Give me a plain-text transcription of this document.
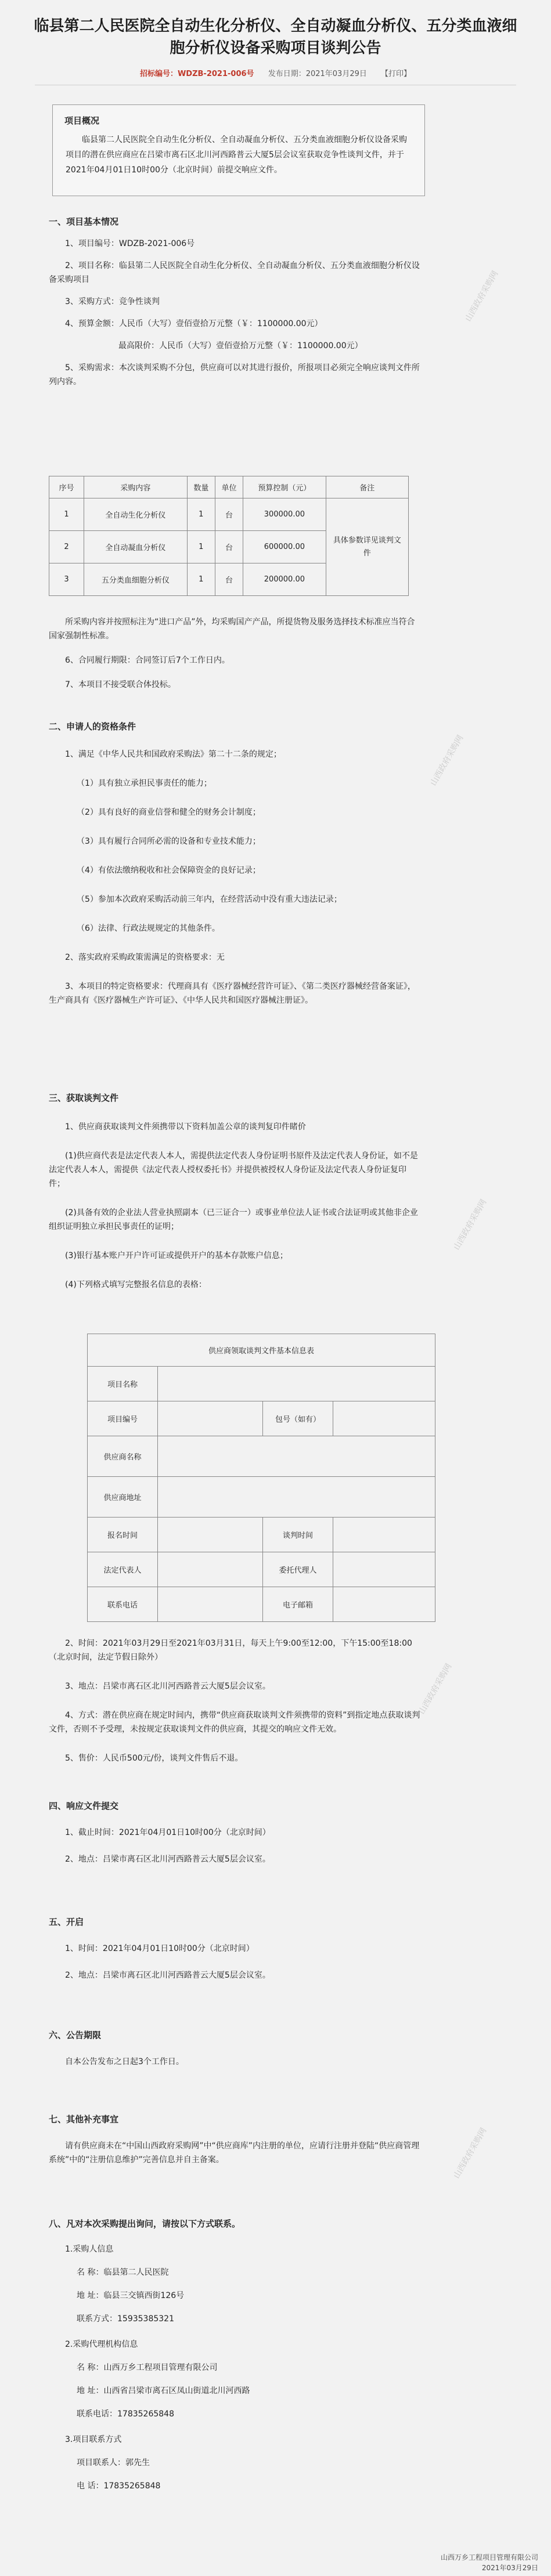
临县第二人民医院全自动生化分析仪、全自动凝血分析仪、五分类血液细
胞分析仪设备采购项目谈判公告
招标编号：WDZB-2021-006号 发布日期：2021年03月29日 【打印】
项目概况
临县第二人民医院全自动生化分析仪、全自动凝血分析仪、五分类血液细胞分析仪设备采购项目的潜在供应商应在吕梁市离石区北川河西路普云大厦5层会议室获取竞争性谈判文件，并于2021年04月01日10时00分（北京时间）前提交响应文件。
一、项目基本情况
1、项目编号：WDZB-2021-006号
2、项目名称：临县第二人民医院全自动生化分析仪、全自动凝血分析仪、五分类血液细胞分析仪设备采购项目
3、采购方式：竞争性谈判
4、预算金额：人民币（大写）壹佰壹拾万元整（￥：1100000.00元）
最高限价：人民币（大写）壹佰壹拾万元整（￥：1100000.00元）
5、采购需求：本次谈判采购不分包，供应商可以对其进行报价，所报项目必须完全响应谈判文件所列内容。
序号	采购内容	数量	单位	预算控制（元）	备注
1	全自动生化分析仪	1	台	300000.00	具体参数详见谈判文件
2	全自动凝血分析仪	1	台	600000.00	
3	五分类血细胞分析仪	1	台	200000.00	
所采购内容并按照标注为“进口产品”外，均采购国产产品，所提货物及服务选择技术标准应当符合国家强制性标准。
6、合同履行期限：合同签订后7个工作日内。
7、本项目不接受联合体投标。
二、申请人的资格条件
1、满足《中华人民共和国政府采购法》第二十二条的规定；
（1）具有独立承担民事责任的能力；
（2）具有良好的商业信誉和健全的财务会计制度；
（3）具有履行合同所必需的设备和专业技术能力；
（4）有依法缴纳税收和社会保障资金的良好记录；
（5）参加本次政府采购活动前三年内，在经营活动中没有重大违法记录；
（6）法律、行政法规规定的其他条件。
2、落实政府采购政策需满足的资格要求：无
3、本项目的特定资格要求：代理商具有《医疗器械经营许可证》、《第二类医疗器械经营备案证》，生产商具有《医疗器械生产许可证》、《中华人民共和国医疗器械注册证》。
三、获取谈判文件
1、供应商获取谈判文件须携带以下资料加盖公章的谈判复印件睹价
(1)供应商代表是法定代表人本人，需提供法定代表人身份证明书原件及法定代表人身份证，如不是法定代表人本人，需提供《法定代表人授权委托书》并提供被授权人身份证及法定代表人身份证复印件；
(2)具备有效的企业法人营业执照副本（已三证合一）或事业单位法人证书或合法证明或其他非企业组织证明独立承担民事责任的证明；
(3)银行基本账户开户许可证或提供开户的基本存款账户信息；
(4)下列格式填写完整报名信息的表格：
供应商领取谈判文件基本信息表			
项目名称			
项目编号		包号（如有）	
供应商名称			
供应商地址			
报名时间		谈判时间	
法定代表人		委托代理人	
联系电话		电子邮箱	
2、时间：2021年03月29日至2021年03月31日，每天上午9:00至12:00，下午15:00至18:00（北京时间，法定节假日除外）
3、地点：吕梁市离石区北川河西路普云大厦5层会议室。
4、方式：潜在供应商在规定时间内，携带“供应商获取谈判文件须携带的资料”到指定地点获取谈判文件，否则不予受理，未按规定获取谈判文件的供应商，其提交的响应文件无效。
5、售价：人民币500元/份，谈判文件售后不退。
四、响应文件提交
1、截止时间：2021年04月01日10时00分（北京时间）
2、地点：吕梁市离石区北川河西路普云大厦5层会议室。
五、开启
1、时间：2021年04月01日10时00分（北京时间）
2、地点：吕梁市离石区北川河西路普云大厦5层会议室。
六、公告期限
自本公告发布之日起3个工作日。
七、其他补充事宜
请有供应商未在“中国山西政府采购网”中“供应商库”内注册的单位，应请行注册并登陆“供应商管理系统”中的“注册信息维护”完善信息并自主备案。
八、凡对本次采购提出询问，请按以下方式联系。
1.采购人信息
名 称：临县第二人民医院
地 址：临县三交镇西街126号
联系方式：15935385321
2.采购代理机构信息
名 称：山西万乡工程项目管理有限公司
地 址：山西省吕梁市离石区凤山街道北川河西路
联系电话：17835265848
3.项目联系方式
项目联系人：郭先生
电 话：17835265848
山西万乡工程项目管理有限公司
2021年03月29日
山西政府采购网
山西政府采购网
山西政府采购网
山西政府采购网
山西政府采购网
